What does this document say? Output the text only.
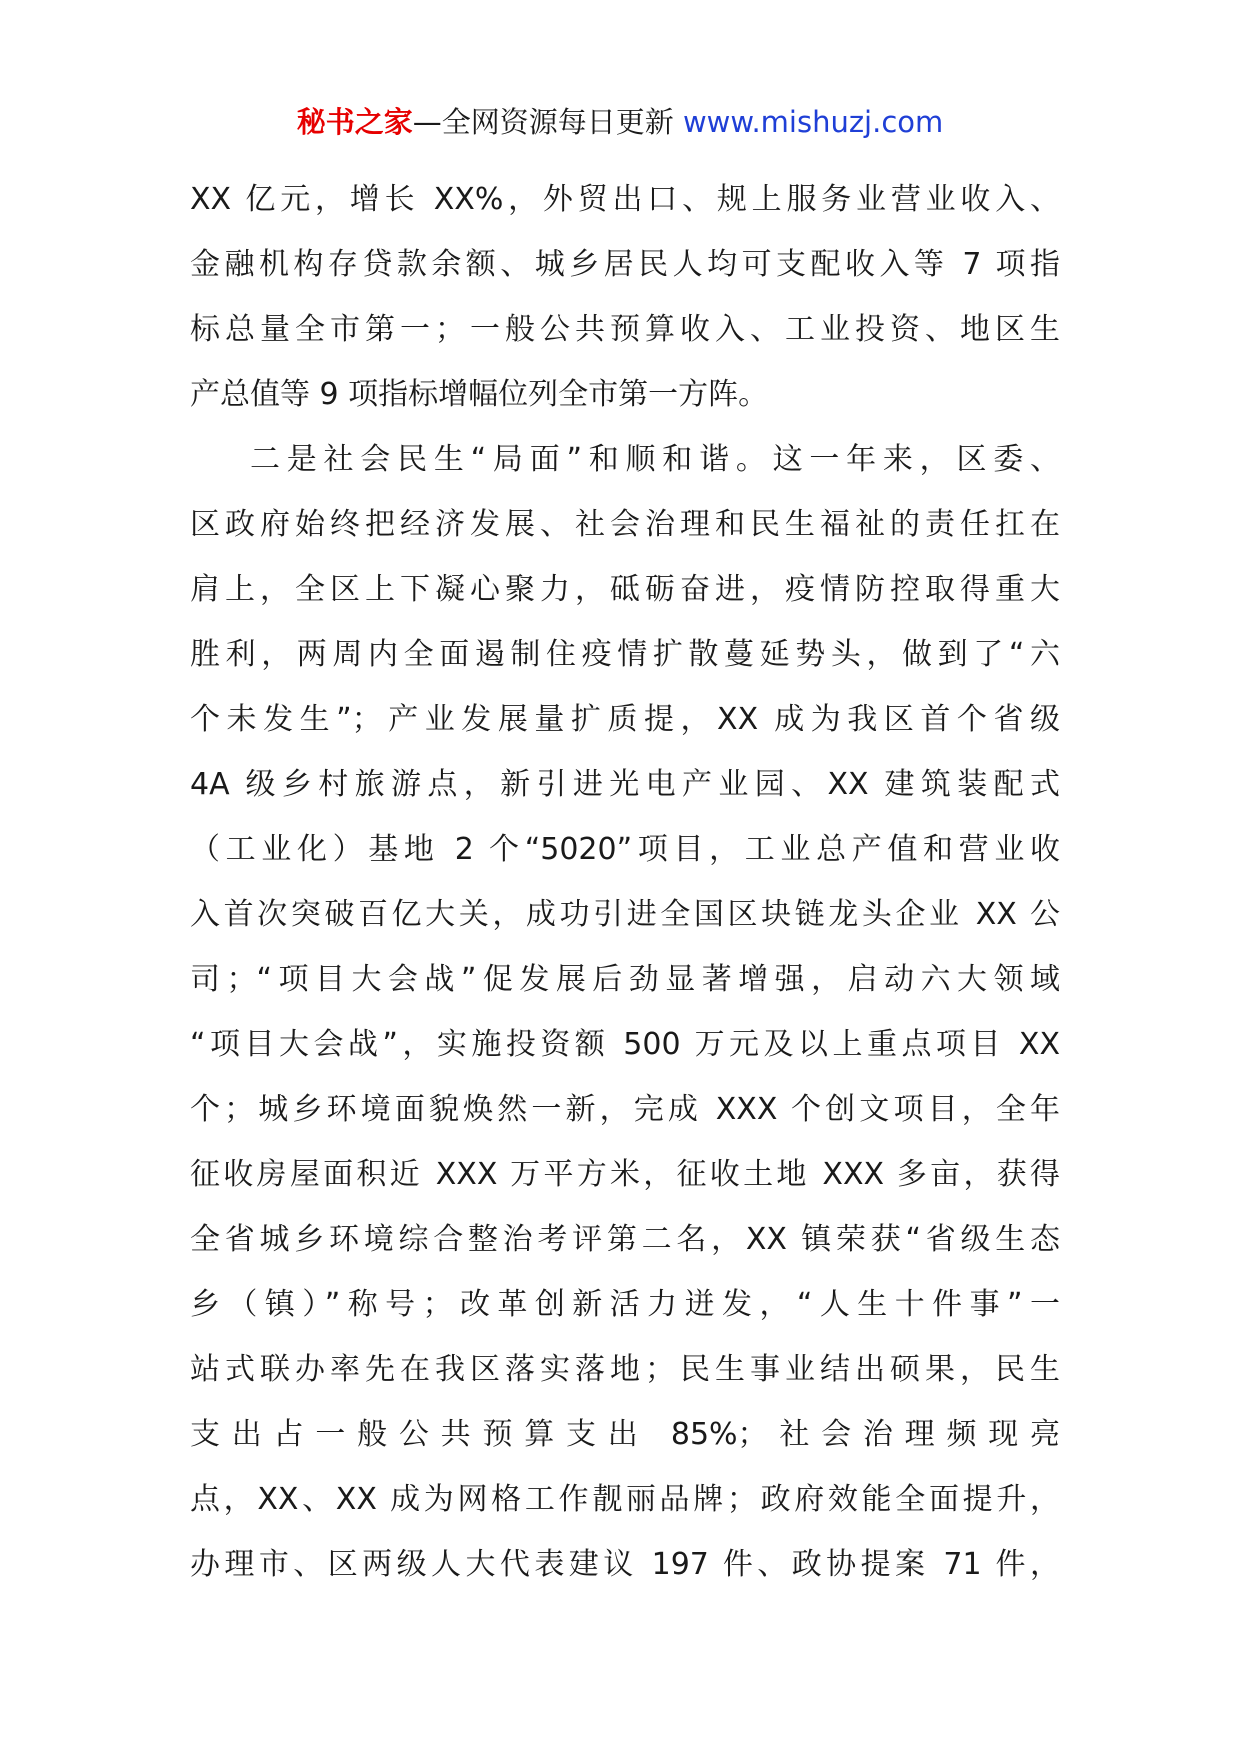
秘书之家—全网资源每日更新 www.mishuzj.com
XX 亿元，增长 XX%，外贸出口、规上服务业营业收入、
金融机构存贷款余额、城乡居民人均可支配收入等 7 项指
标总量全市第一；一般公共预算收入、工业投资、地区生
产总值等 9 项指标增幅位列全市第一方阵。
二是社会民生“局面”和顺和谐。这一年来，区委、
区政府始终把经济发展、社会治理和民生福祉的责任扛在
肩上，全区上下凝心聚力，砥砺奋进，疫情防控取得重大
胜利，两周内全面遏制住疫情扩散蔓延势头，做到了“六
个未发生”；产业发展量扩质提，XX 成为我区首个省级
4A 级乡村旅游点，新引进光电产业园、XX 建筑装配式
（工业化）基地 2 个“5020”项目，工业总产值和营业收
入首次突破百亿大关，成功引进全国区块链龙头企业 XX 公
司；“项目大会战”促发展后劲显著增强，启动六大领域
“项目大会战”，实施投资额 500 万元及以上重点项目 XX
个；城乡环境面貌焕然一新，完成 XXX 个创文项目，全年
征收房屋面积近 XXX 万平方米，征收土地 XXX 多亩，获得
全省城乡环境综合整治考评第二名，XX 镇荣获“省级生态
乡（镇）”称号；改革创新活力迸发，“人生十件事”一
站式联办率先在我区落实落地；民生事业结出硕果，民生
支出占一般公共预算支出 85%；社会治理频现亮
点，XX、XX 成为网格工作靓丽品牌；政府效能全面提升，
办理市、区两级人大代表建议 197 件、政协提案 71 件，
